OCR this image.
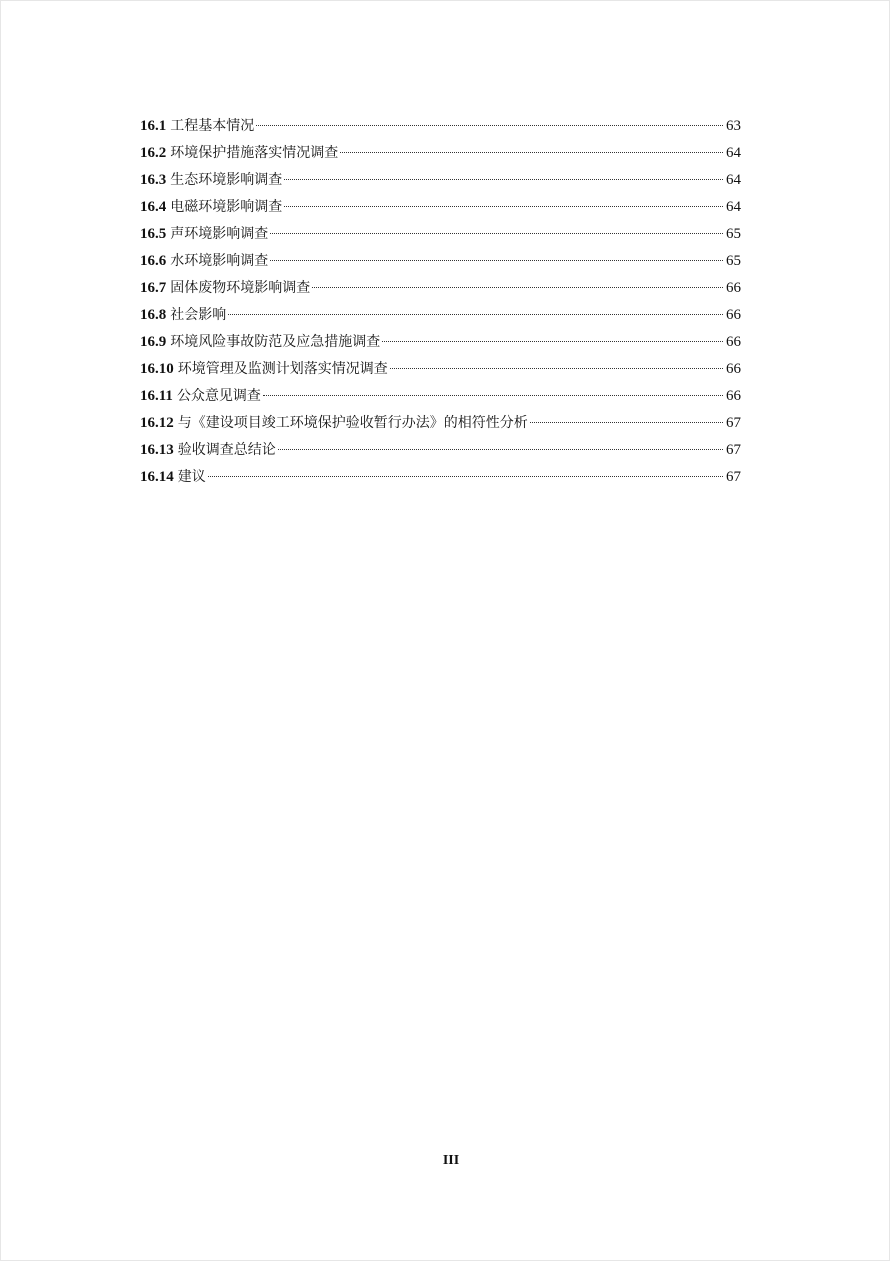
16.1 工程基本情况	63
16.2 环境保护措施落实情况调查	64
16.3 生态环境影响调查	64
16.4 电磁环境影响调查	64
16.5 声环境影响调查	65
16.6 水环境影响调查	65
16.7 固体废物环境影响调查	66
16.8 社会影响	66
16.9 环境风险事故防范及应急措施调查	66
16.10 环境管理及监测计划落实情况调查	66
16.11 公众意见调查	66
16.12 与《建设项目竣工环境保护验收暂行办法》的相符性分析	67
16.13 验收调查总结论	67
16.14 建议	67
III
